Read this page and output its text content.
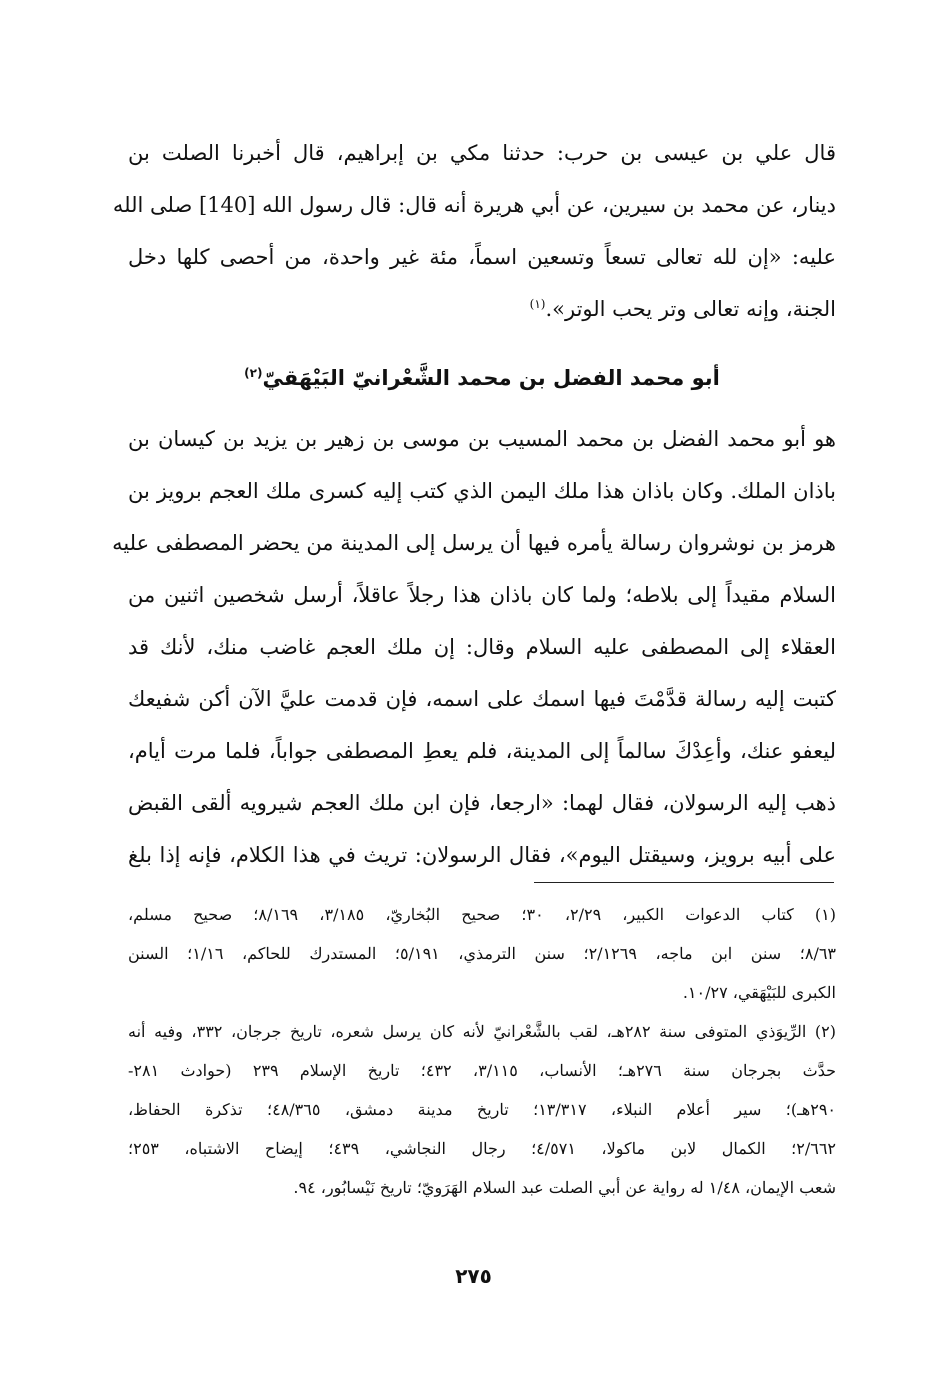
قال علي بن عيسى بن حرب: حدثنا مكي بن إبراهيم، قال أخبرنا الصلت بن
دينار، عن محمد بن سيرين، عن أبي هريرة أنه قال: قال رسول الله [140] صلى الله
عليه: «إن لله تعالى تسعاً وتسعين اسماً، مئة غير واحدة، من أحصى كلها دخل
الجنة، وإنه تعالى وتر يحب الوتر».$^{(١)}$
أبو محمد الفضل بن محمد الشَّعْرانيّ البَيْهَقيّ$^{(٢)}$
هو أبو محمد الفضل بن محمد المسيب بن موسى بن زهير بن يزيد بن كيسان بن
باذان الملك. وكان باذان هذا ملك اليمن الذي كتب إليه كسرى ملك العجم برويز بن
هرمز بن نوشروان رسالة يأمره فيها أن يرسل إلى المدينة من يحضر المصطفى عليه
السلام مقيداً إلى بلاطه؛ ولما كان باذان هذا رجلاً عاقلاً، أرسل شخصين اثنين من
العقلاء إلى المصطفى عليه السلام وقال: إن ملك العجم غاضب منك، لأنك قد
كتبت إليه رسالة قدَّمْتَ فيها اسمك على اسمه، فإن قدمت عليَّ الآن أكن شفيعك
ليعفو عنك، وأعِدْكَ سالماً إلى المدينة، فلم يعطِ المصطفى جواباً، فلما مرت أيام،
ذهب إليه الرسولان، فقال لهما: «ارجعا، فإن ابن ملك العجم شيرويه ألقى القبض
على أبيه برويز، وسيقتل اليوم»، فقال الرسولان: تريث في هذا الكلام، فإنه إذا بلغ
(١) كتاب الدعوات الكبير، ٢/٢٩، ٣٠؛ صحيح البُخاريّ، ٣/١٨٥، ٨/١٦٩؛ صحيح مسلم،
٨/٦٣؛ سنن ابن ماجه، ٢/١٢٦٩؛ سنن الترمذي، ٥/١٩١؛ المستدرك للحاكم، ١/١٦؛ السنن
الكبرى للبَيْهَقي، ١٠/٢٧.
(٢) الرِّيوَذي المتوفى سنة ٢٨٢هـ، لقب بالشَّعْرانيّ لأنه كان يرسل شعره، تاريخ جرجان، ٣٣٢، وفيه أنه
حدَّث بجرجان سنة ٢٧٦هـ؛ الأنساب، ٣/١١٥، ٤٣٢؛ تاريخ الإسلام ٢٣٩ (حوادث ٢٨١-
٢٩٠هـ)؛ سير أعلام النبلاء، ١٣/٣١٧؛ تاريخ مدينة دمشق، ٤٨/٣٦٥؛ تذكرة الحفاظ،
٢/٦٦٢؛ الكمال لابن ماكولا، ٤/٥٧١؛ رجال النجاشي، ٤٣٩؛ إيضاح الاشتباه، ٢٥٣؛
شعب الإيمان، ١/٤٨ له رواية عن أبي الصلت عبد السلام الهَرَويّ؛ تاريخ نَيْسابُور، ٩٤.
٢٧٥
